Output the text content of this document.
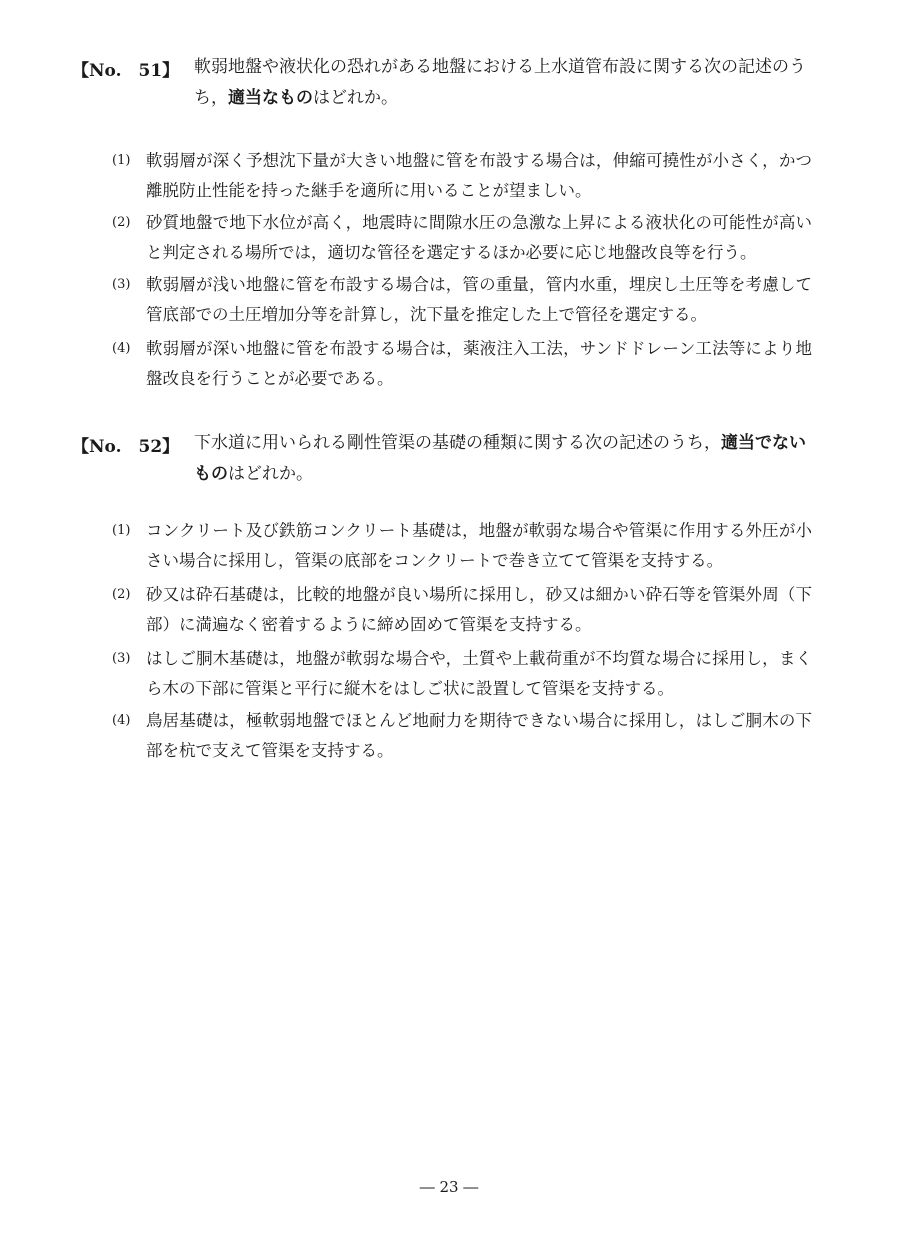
【No.　51】 軟弱地盤や液状化の恐れがある地盤における上水道管布設に関する次の記述のうち，適当なものはどれか。
(1) 軟弱層が深く予想沈下量が大きい地盤に管を布設する場合は，伸縮可撓性が小さく，かつ離脱防止性能を持った継手を適所に用いることが望ましい。
(2) 砂質地盤で地下水位が高く，地震時に間隙水圧の急激な上昇による液状化の可能性が高いと判定される場所では，適切な管径を選定するほか必要に応じ地盤改良等を行う。
(3) 軟弱層が浅い地盤に管を布設する場合は，管の重量，管内水重，埋戻し土圧等を考慮して管底部での土圧増加分等を計算し，沈下量を推定した上で管径を選定する。
(4) 軟弱層が深い地盤に管を布設する場合は，薬液注入工法，サンドドレーン工法等により地盤改良を行うことが必要である。
【No.　52】 下水道に用いられる剛性管渠の基礎の種類に関する次の記述のうち，適当でないものはどれか。
(1) コンクリート及び鉄筋コンクリート基礎は，地盤が軟弱な場合や管渠に作用する外圧が小さい場合に採用し，管渠の底部をコンクリートで巻き立てて管渠を支持する。
(2) 砂又は砕石基礎は，比較的地盤が良い場所に採用し，砂又は細かい砕石等を管渠外周（下部）に満遍なく密着するように締め固めて管渠を支持する。
(3) はしご胴木基礎は，地盤が軟弱な場合や，土質や上載荷重が不均質な場合に採用し，まくら木の下部に管渠と平行に縦木をはしご状に設置して管渠を支持する。
(4) 鳥居基礎は，極軟弱地盤でほとんど地耐力を期待できない場合に採用し，はしご胴木の下部を杭で支えて管渠を支持する。
― 23 ―
